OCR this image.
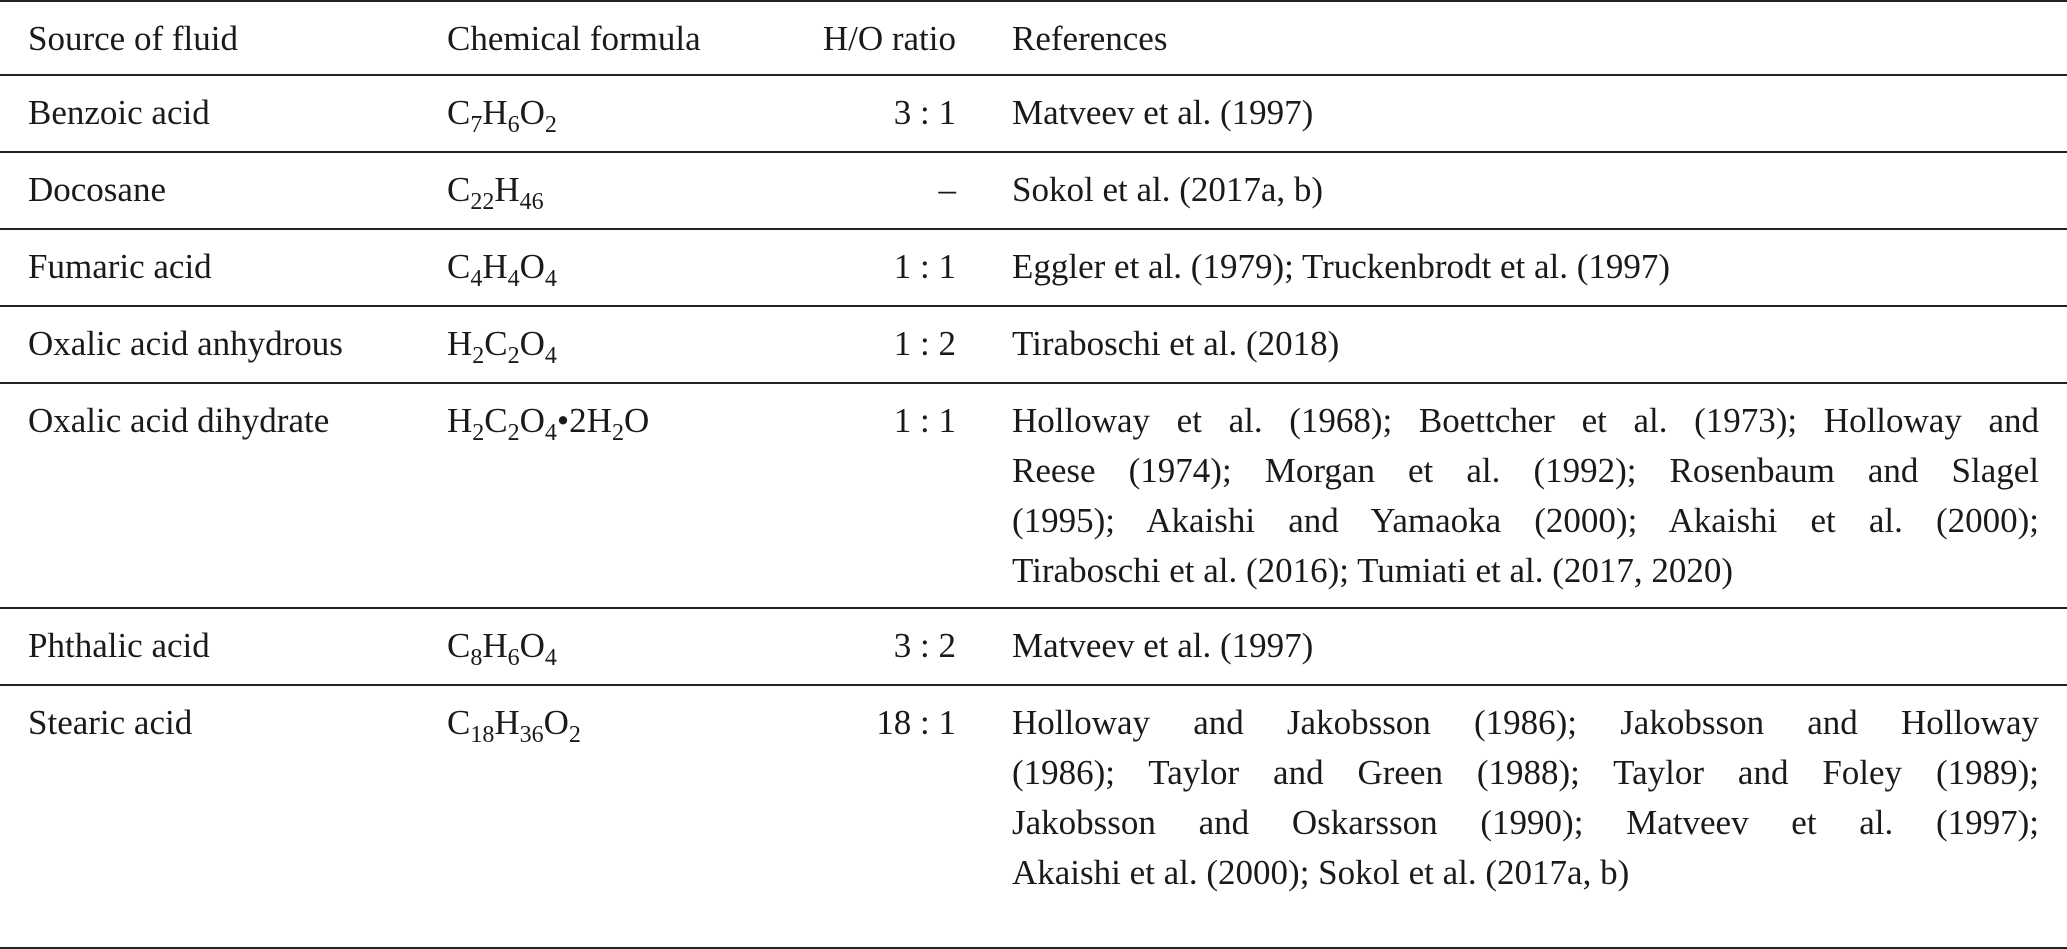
Source of fluid	Chemical formula	H/O ratio References
Benzoic acid	$C_7H_6O_2$	3 : 1 Matveev et al. (1997)
Docosane	$C_{22}H_{46}$	– Sokol et al. (2017a, b)
Fumaric acid	$C_4H_4O_4$	1 : 1 Eggler et al. (1979); Truckenbrodt et al. (1997)
Oxalic acid anhydrous	$H_2C_2O_4$	1 : 2 Tiraboschi et al. (2018)
Oxalic acid dihydrate	$H_2C_2O_4•2H_2O$	1 : 1 Holloway et al. (1968); Boettcher et al. (1973); Holloway and
Reese (1974); Morgan et al. (1992); Rosenbaum and Slagel
(1995); Akaishi and Yamaoka (2000); Akaishi et al. (2000);
Tiraboschi et al. (2016); Tumiati et al. (2017, 2020)
Phthalic acid	$C_8H_6O_4$	3 : 2 Matveev et al. (1997)
Stearic acid	$C_{18}H_{36}O_2$	18 : 1 Holloway and Jakobsson (1986); Jakobsson and Holloway
(1986); Taylor and Green (1988); Taylor and Foley (1989);
Jakobsson and Oskarsson (1990); Matveev et al. (1997);
Akaishi et al. (2000); Sokol et al. (2017a, b)
